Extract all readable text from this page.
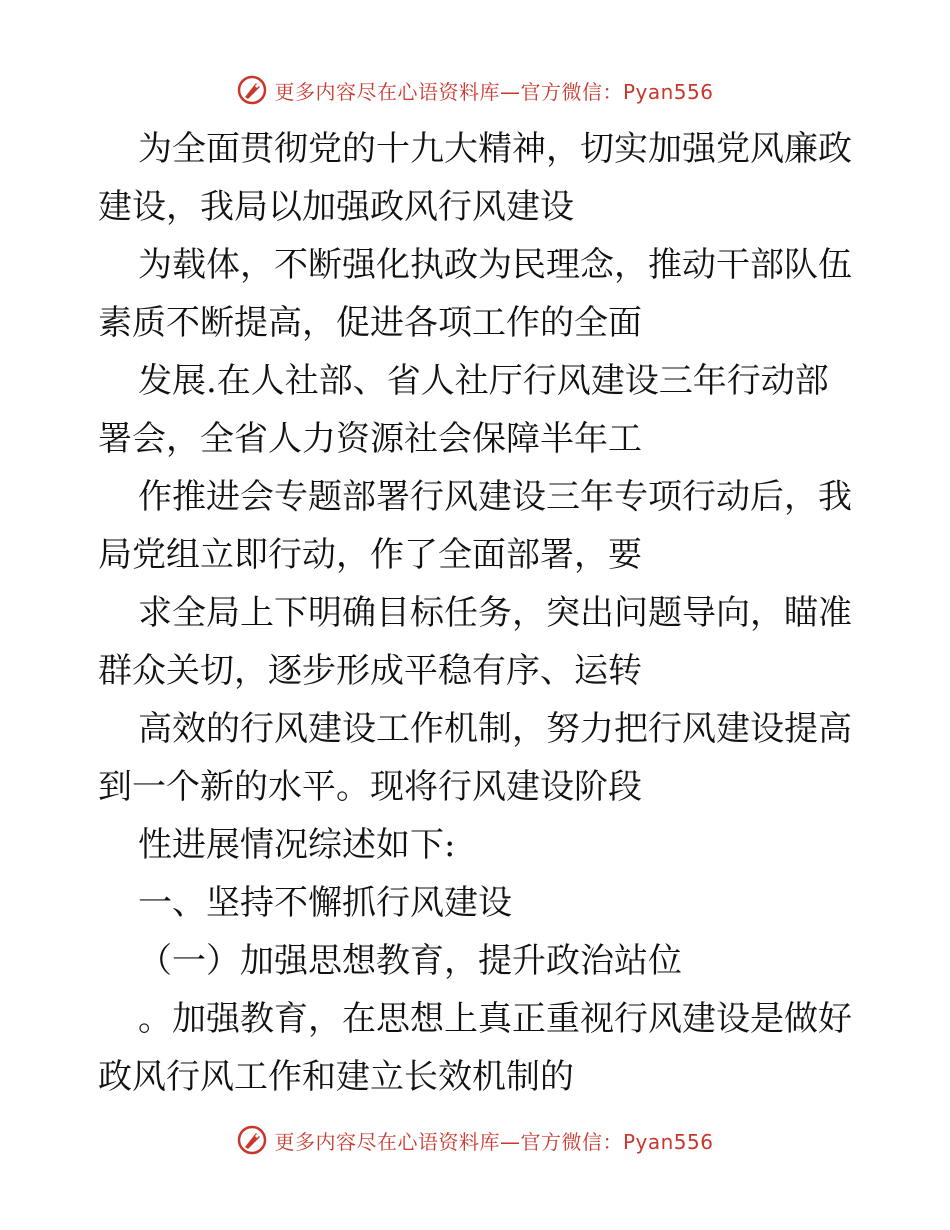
更多内容尽在心语资料库—官方微信：Pyan556
为全面贯彻党的十九大精神，切实加强党风廉政
建设，我局以加强政风行风建设
为载体，不断强化执政为民理念，推动干部队伍
素质不断提高，促进各项工作的全面
发展.在人社部、省人社厅行风建设三年行动部
署会，全省人力资源社会保障半年工
作推进会专题部署行风建设三年专项行动后，我
局党组立即行动，作了全面部署，要
求全局上下明确目标任务，突出问题导向，瞄准
群众关切，逐步形成平稳有序、运转
高效的行风建设工作机制，努力把行风建设提高
到一个新的水平。现将行风建设阶段
性进展情况综述如下:
一、坚持不懈抓行风建设
（一）加强思想教育，提升政治站位
。加强教育，在思想上真正重视行风建设是做好
政风行风工作和建立长效机制的
更多内容尽在心语资料库—官方微信：Pyan556
